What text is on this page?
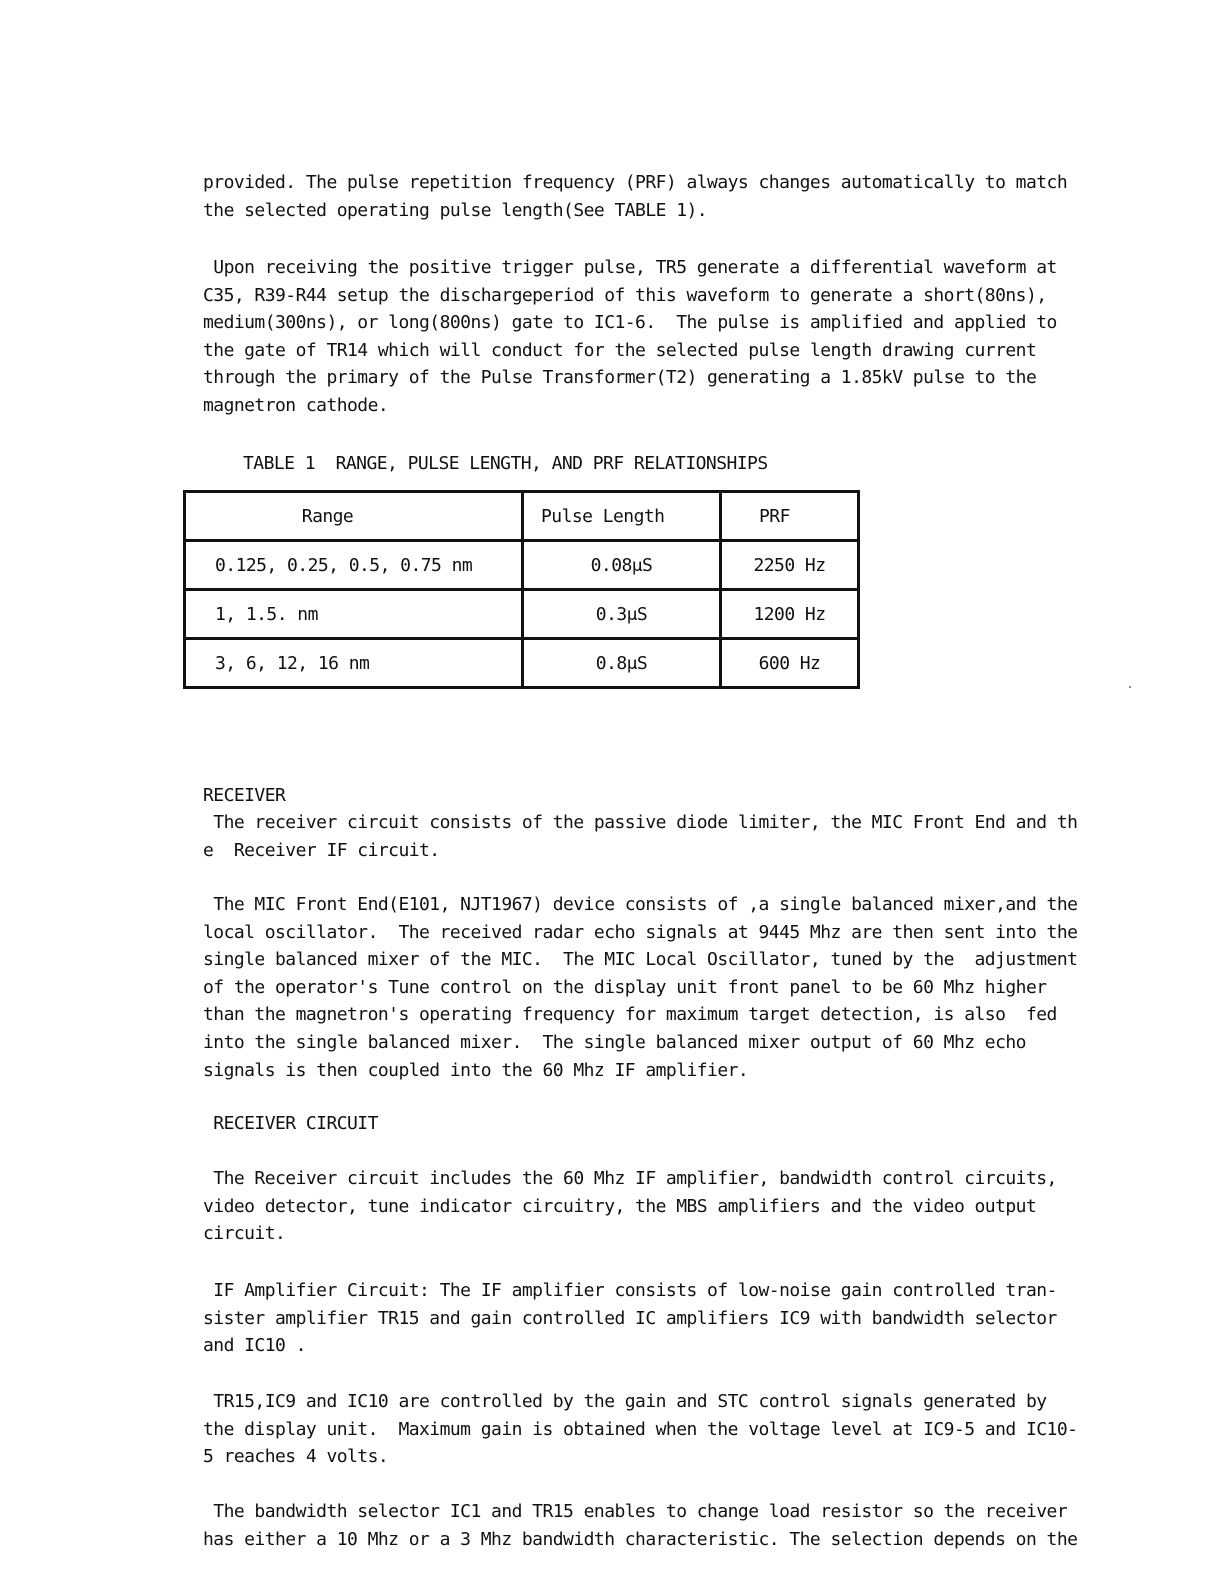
provided. The pulse repetition frequency (PRF) always changes automatically to match
the selected operating pulse length(See TABLE 1).

Upon receiving the positive trigger pulse, TR5 generate a differential waveform at
C35, R39-R44 setup the dischargeperiod of this waveform to generate a short(80ns),
medium(300ns), or long(800ns) gate to IC1-6.  The pulse is amplified and applied to
the gate of TR14 which will conduct for the selected pulse length drawing current
through the primary of the Pulse Transformer(T2) generating a 1.85kV pulse to the
magnetron cathode.

TABLE 1  RANGE, PULSE LENGTH, AND PRF RELATIONSHIPS
Range	Pulse Length	PRF
0.125, 0.25, 0.5, 0.75 nm	0.08μS	2250 Hz
1, 1.5. nm	0.3μS	1200 Hz
3, 6, 12, 16 nm	0.8μS	600 Hz
RECEIVER

The receiver circuit consists of the passive diode limiter, the MIC Front End and th
e  Receiver IF circuit.

The MIC Front End(E101, NJT1967) device consists of ,a single balanced mixer,and the
local oscillator.  The received radar echo signals at 9445 Mhz are then sent into the
single balanced mixer of the MIC.  The MIC Local Oscillator, tuned by the  adjustment
of the operator's Tune control on the display unit front panel to be 60 Mhz higher
than the magnetron's operating frequency for maximum target detection, is also  fed
into the single balanced mixer.  The single balanced mixer output of 60 Mhz echo
signals is then coupled into the 60 Mhz IF amplifier.

RECEIVER CIRCUIT

The Receiver circuit includes the 60 Mhz IF amplifier, bandwidth control circuits,
video detector, tune indicator circuitry, the MBS amplifiers and the video output
circuit.

IF Amplifier Circuit: The IF amplifier consists of low-noise gain controlled tran-
sister amplifier TR15 and gain controlled IC amplifiers IC9 with bandwidth selector
and IC10 .

TR15,IC9 and IC10 are controlled by the gain and STC control signals generated by
the display unit.  Maximum gain is obtained when the voltage level at IC9-5 and IC10-
5 reaches 4 volts.

The bandwidth selector IC1 and TR15 enables to change load resistor so the receiver
has either a 10 Mhz or a 3 Mhz bandwidth characteristic. The selection depends on the
